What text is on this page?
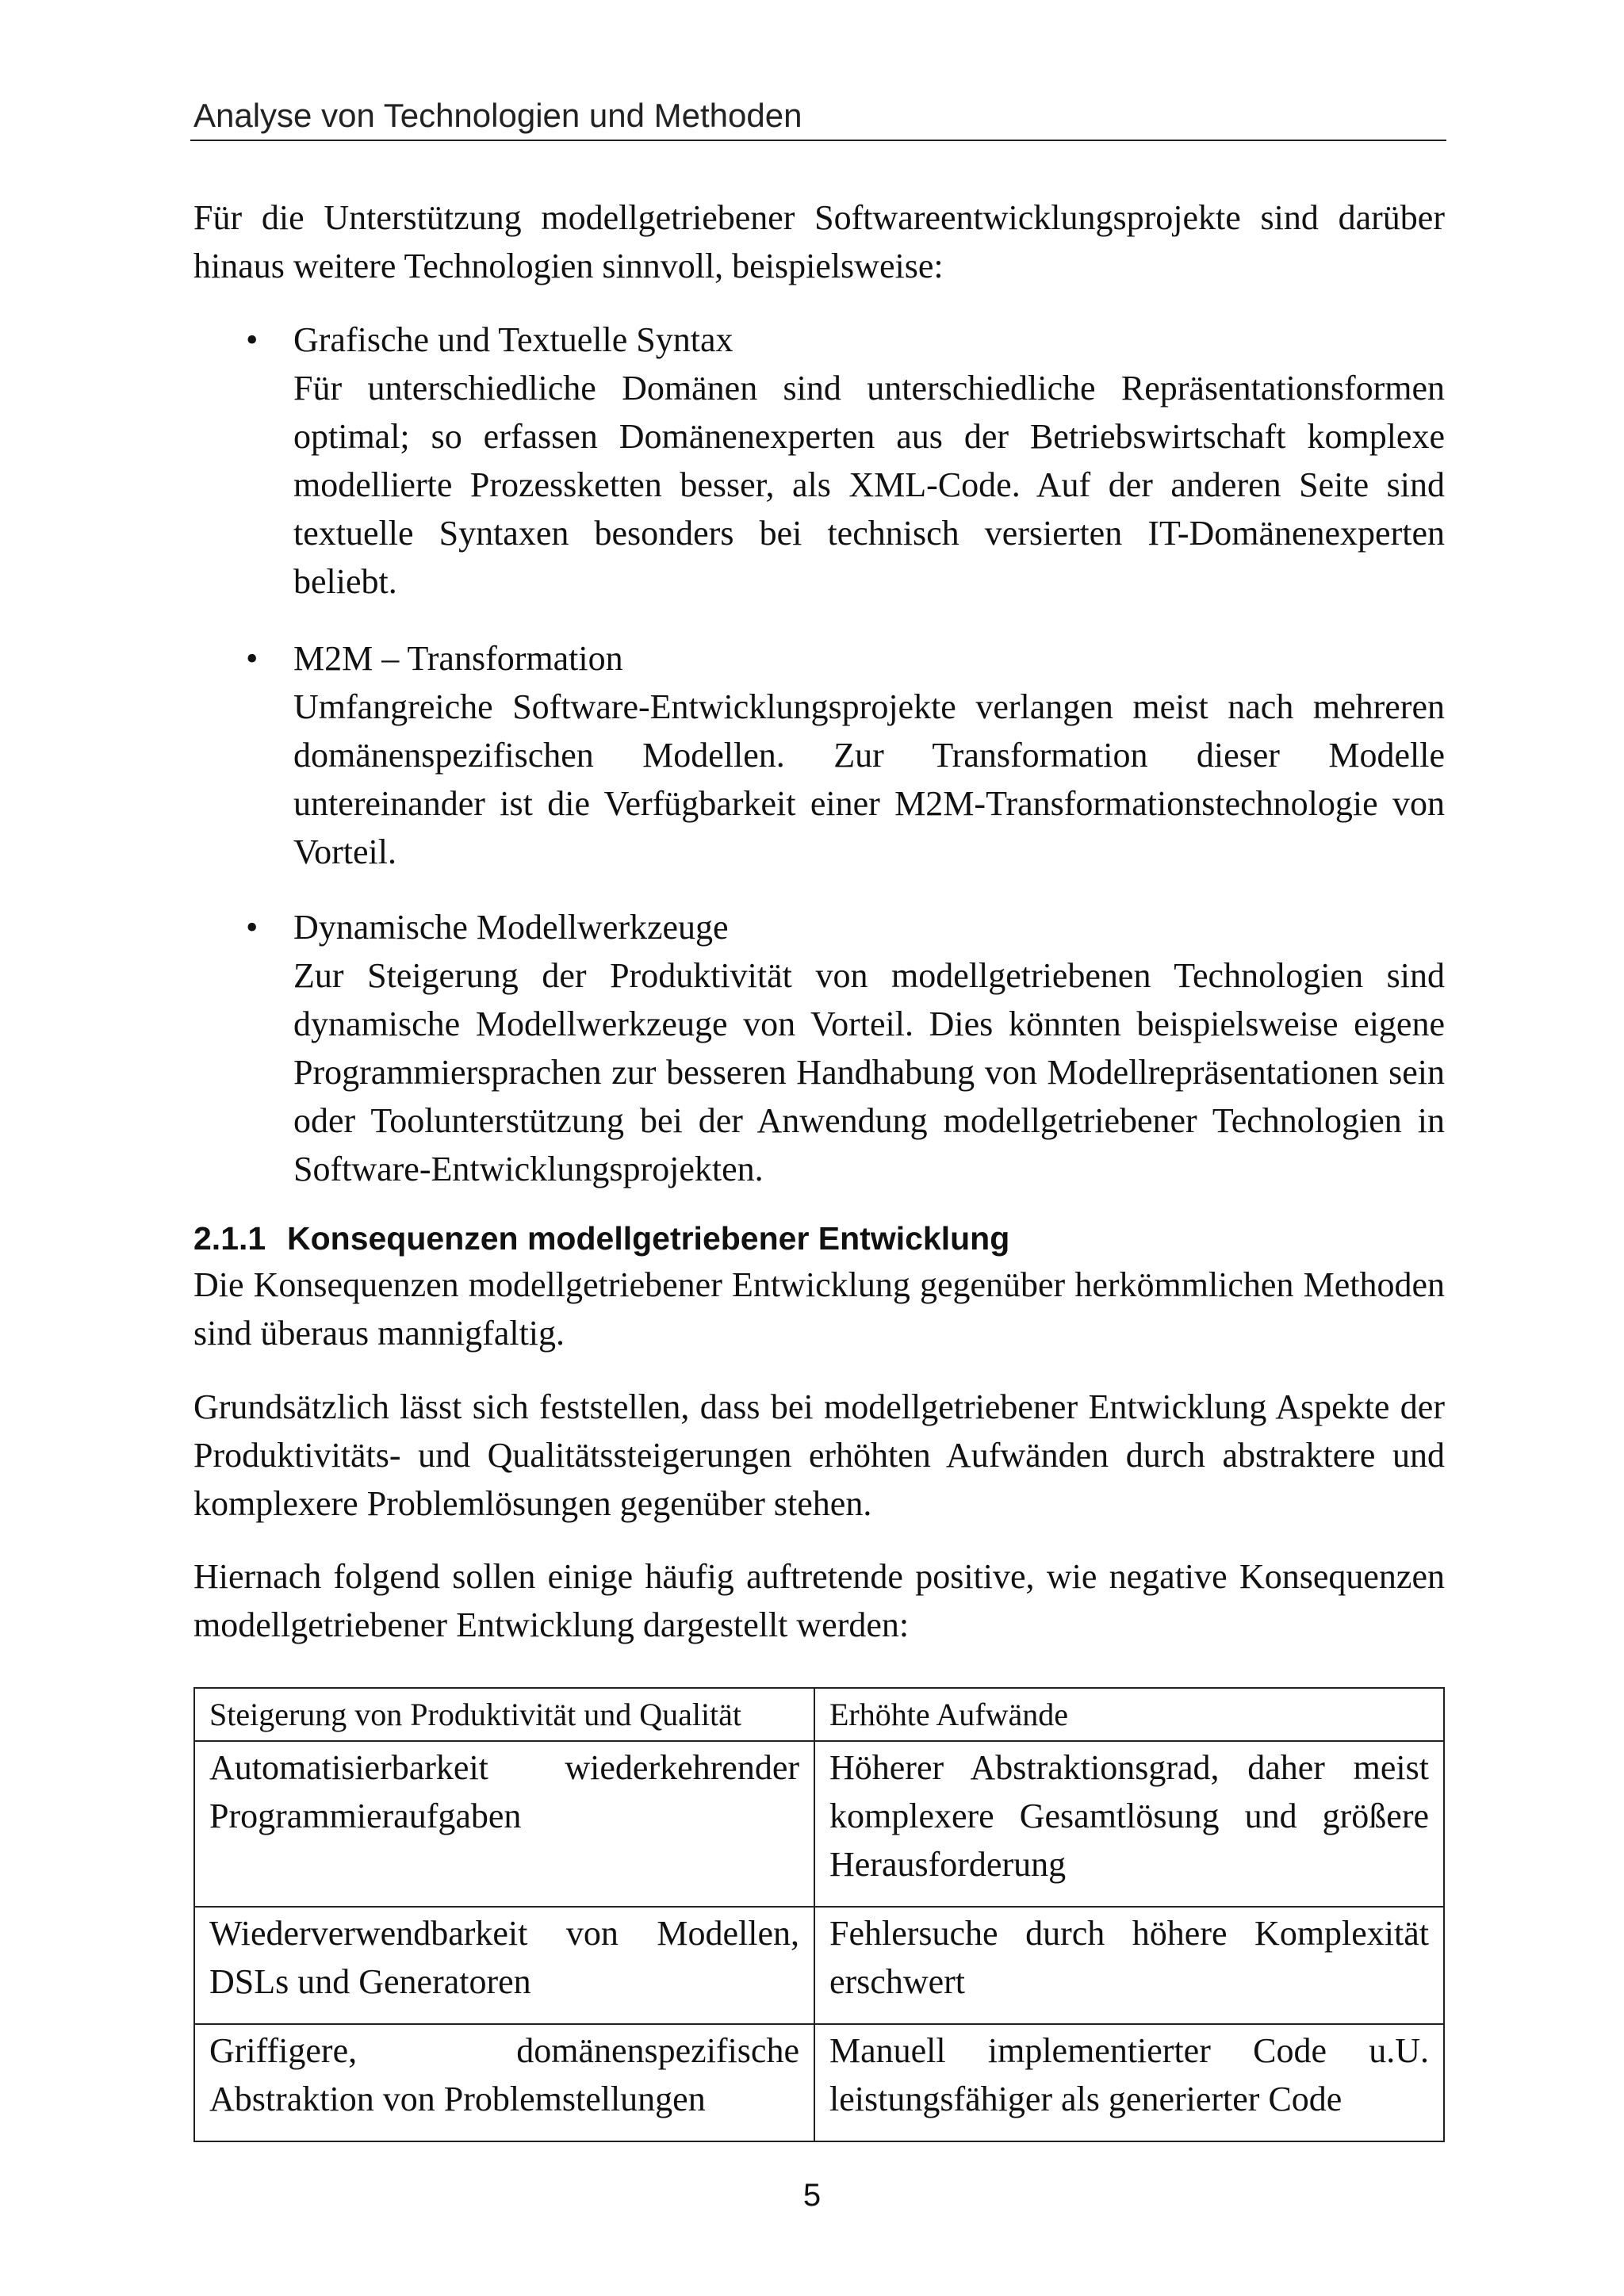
Analyse von Technologien und Methoden

Für die Unterstützung modellgetriebener Softwareentwicklungsprojekte sind darüber hinaus weitere Technologien sinnvoll, beispielsweise:

• Grafische und Textuelle Syntax

Für unterschiedliche Domänen sind unterschiedliche Repräsentationsformen optimal; so erfassen Domänenexperten aus der Betriebswirtschaft komplexe modellierte Prozessketten besser, als XML-Code. Auf der anderen Seite sind textuelle Syntaxen besonders bei technisch versierten IT-Domänenexperten beliebt.

• M2M – Transformation

Umfangreiche Software-Entwicklungsprojekte verlangen meist nach mehreren domänenspezifischen Modellen. Zur Transformation dieser Modelle untereinander ist die Verfügbarkeit einer M2M-Transformationstechnologie von Vorteil.

• Dynamische Modellwerkzeuge

Zur Steigerung der Produktivität von modellgetriebenen Technologien sind dynamische Modellwerkzeuge von Vorteil. Dies könnten beispielsweise eigene Programmiersprachen zur besseren Handhabung von Modellrepräsentationen sein oder Toolunterstützung bei der Anwendung modellgetriebener Technologien in Software-Entwicklungsprojekten.

2.1.1 Konsequenzen modellgetriebener Entwicklung

Die Konsequenzen modellgetriebener Entwicklung gegenüber herkömmlichen Methoden sind überaus mannigfaltig.

Grundsätzlich lässt sich feststellen, dass bei modellgetriebener Entwicklung Aspekte der Produktivitäts- und Qualitätssteigerungen erhöhten Aufwänden durch abstraktere und komplexere Problemlösungen gegenüber stehen.

Hiernach folgend sollen einige häufig auftretende positive, wie negative Konsequenzen modellgetriebener Entwicklung dargestellt werden:

Steigerung von Produktivität und Qualität	Erhöhte Aufwände
Automatisierbarkeit wiederkehrender Programmieraufgaben	Höherer Abstraktionsgrad, daher meist komplexere Gesamtlösung und größere Herausforderung
Wiederverwendbarkeit von Modellen, DSLs und Generatoren	Fehlersuche durch höhere Komplexität erschwert
Griffigere, domänenspezifische Abstraktion von Problemstellungen	Manuell implementierter Code u.U. leistungsfähiger als generierter Code
5
